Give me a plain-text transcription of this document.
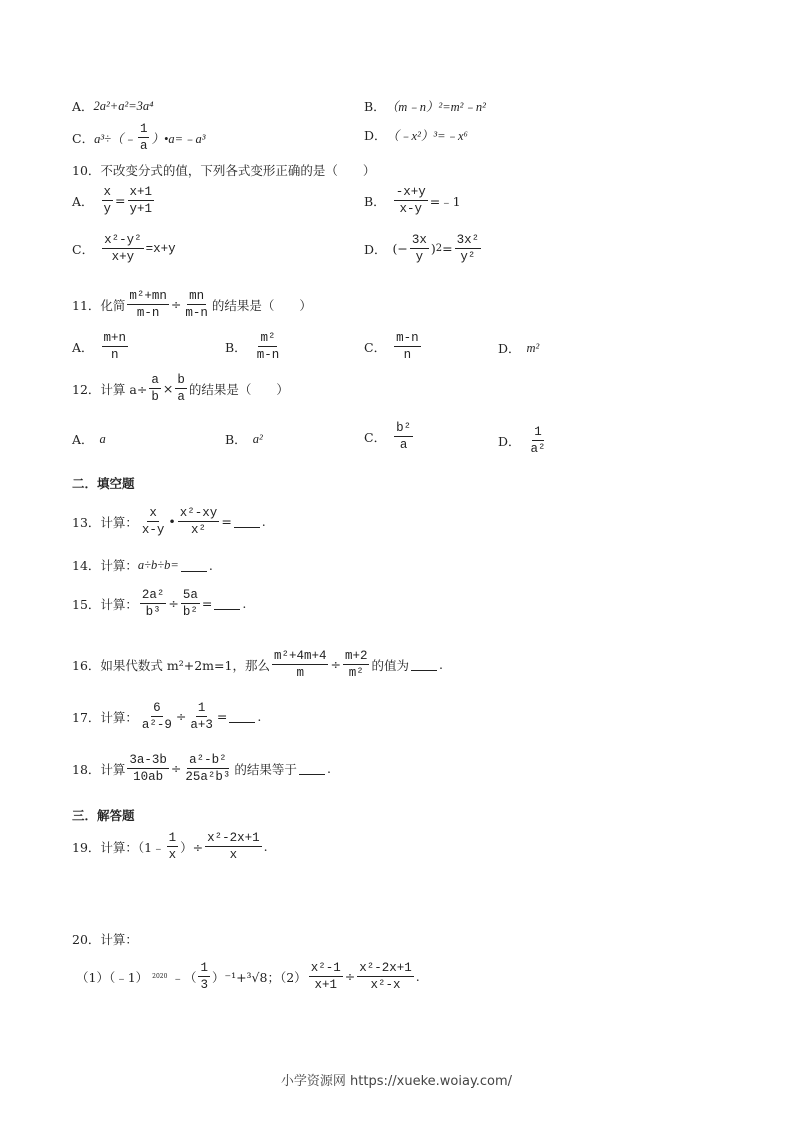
A． 2a²+a²=3a⁴	B． （m﹣n）²=m²﹣n²
C． a³÷（﹣ $\frac{1}{a}$ ）•a=﹣a³	D． （﹣x²）³=﹣x⁶
10．不改变分式的值，下列各式变形正确的是（　　）
A． $\frac{x}{y} = \frac{x+1}{y+1}$	B． $\frac{-x+y}{x-y}$ =﹣1
C． $\frac{\text{x²-y²}}{x+y} =x+y$	D． (− $\frac{3x}{y}$ ) $2 = \frac{\text{3x²}}{\text{y²}}$
11．化简 $\frac{\text{m²+mn}}{m-n} \div \frac{mn}{m-n}$ 的结果是（　　）
A． $\frac{m+n}{n}$	B． $\frac{\text{m²}}{m-n}$	C． $\frac{m-n}{n}$	D． m²
12．计算 $a\div \frac{a}{b} \times \frac{b}{a}$ 的结果是（　　）
A． a	B． a²	C． $\frac{\text{b²}}{a}$	D． $\frac{1}{\text{a²}}$
二．填空题
13．计算： $\frac{x}{x-y}$ • $\frac{\text{x²-xy}}{\text{x²}}$ = .
14．计算： a÷b÷b= .
15．计算： $\frac{\text{2a²}}{\text{b³}} \div \frac{5a}{\text{b²}}$ = .
16．如果代数式 m²+2m=1，那么 $\frac{\text{m²+4m+4}}{m} \div \frac{m+2}{\text{m²}}$ 的值为 .
17．计算： $\frac{6}{\text{a²-9}} \div \frac{1}{a+3}$ = .
18．计算 $\frac{3a-3b}{10ab} \div \frac{\text{a²-b²}}{\text{25a²b³}}$ 的结果等于 .
三．解答题
19．计算：（1﹣ $\frac{1}{x}$ ）÷ $\frac{\text{x²-2x+1}}{x}$ .
20．计算：
（1）（﹣1） 2020 ﹣（ $\frac{1}{3} )^{-1}+^3√8$；$(2) \frac{\text{x²-1}}{x+1} \div \frac{\text{x²-2x+1}}{\text{x²-x}}$ .
小学资源网 https://xueke.woiay.com/
